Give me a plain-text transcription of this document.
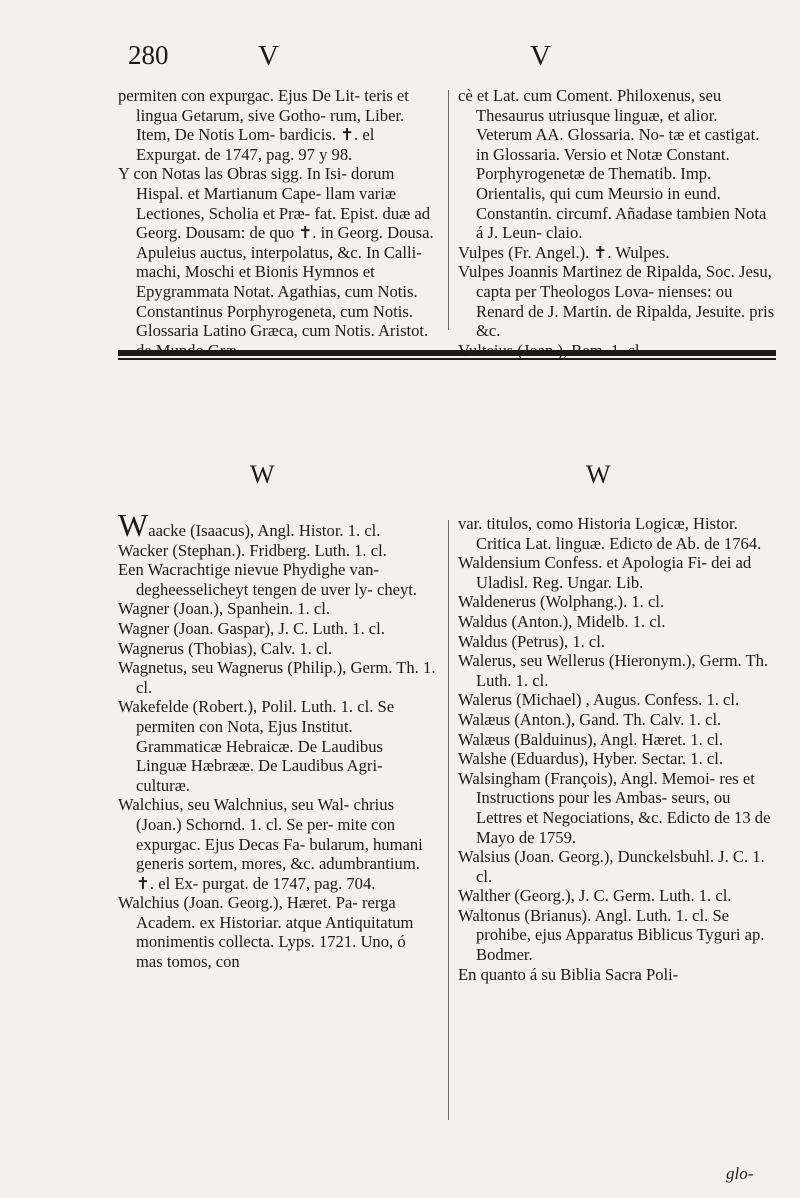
280	V	V

permiten con expurgac. Ejus De Lit- teris et lingua Getarum, sive Gotho- rum, Liber. Item, De Notis Lom- bardicis. ✝. el Expurgat. de 1747, pag. 97 y 98.

Y con Notas las Obras sigg. In Isi- dorum Hispal. et Martianum Cape- llam variæ Lectiones, Scholia et Præ- fat. Epist. duæ ad Georg. Dousam: de quo ✝. in Georg. Dousa. Apuleius auctus, interpolatus, &c. In Calli- machi, Moschi et Bionis Hymnos et Epygrammata Notat. Agathias, cum Notis. Constantinus Porphyrogeneta, cum Notis. Glossaria Latino Græca, cum Notis. Aristot.

cè et Lat. cum Coment. Philoxenus, seu Thesaurus utriusque linguæ, et alior. Veterum AA. Glossaria. No- tæ et castigat. in Glossaria. Versio et Notæ Constant. Porphyrogenetæ de Thematib. Imp. Orientalis, qui cum Meursio in eund. Constantin. circumf. Añadase tambien Nota á J. Leun- claio.

Vulpes (Fr. Angel.). ✝. Wulpes.

Vulpes Joannis Martinez de Ripalda, Soc. Jesu, capta per Theologos Lova- nienses: ou Renard de J. Martin. de Ripalda, Jesuite. pris &c.

W	W

Waacke (Isaacus), Angl. Histor. 1. cl.

Wacker (Stephan.). Fridberg. Luth. 1. cl.

Een Wacrachtige nievue Phydighe van- degheesselicheyt tengen de uver ly- cheyt.

Wagner (Joan.), Spanhein. 1. cl.

Wagner (Joan. Gaspar), J. C. Luth. 1. cl.

Wagnerus (Thobias), Calv. 1. cl.

Wagnetus, seu Wagnerus (Philip.), Germ. Th. 1. cl.

Wakefelde (Robert.), Polil. Luth. 1. cl. Se permiten con Nota, Ejus Institut. Grammaticæ Hebraicæ. De Laudibus Linguæ Hæbrææ. De Laudibus Agri- culturæ.

Walchius, seu Walchnius, seu Wal- chrius (Joan.) Schornd. 1. cl. Se per- mite con expurgac. Ejus Decas Fa- bularum, humani generis sortem, mores, &c. adumbrantium. ✝. el Ex- purgat. de 1747, pag. 704.

Walchius (Joan. Georg.), Hæret. Pa- rerga Academ. ex Historiar. atque Antiquitatum monimentis collecta. Lyps. 1721. Uno, ó mas tomos, con

var. titulos, como Historia Logicæ, Histor. Critica Lat. linguæ. Edicto de Ab. de 1764.

Waldensium Confess. et Apologia Fi- dei ad Uladisl. Reg. Ungar. Lib.

Waldenerus (Wolphang.). 1. cl.

Waldus (Anton.), Midelb. 1. cl.

Waldus (Petrus), 1. cl.

Walerus, seu Wellerus (Hieronym.), Germ. Th. Luth. 1. cl.

Walerus (Michael) , Augus. Confess. 1. cl.

Walæus (Anton.), Gand. Th. Calv. 1. cl.

Walæus (Balduinus), Angl. Hæret. 1. cl.

Walshe (Eduardus), Hyber. Sectar. 1. cl.

Walsingham (François), Angl. Memoi- res et Instructions pour les Ambas- seurs, ou Lettres et Negociations, &c. Edicto de 13 de Mayo de 1759.

Walsius (Joan. Georg.), Dunckelsbuhl. J. C. 1. cl.

Walther (Georg.), J. C. Germ. Luth. 1. cl.

Waltonus (Brianus). Angl. Luth. 1. cl. Se prohibe, ejus Apparatus Biblicus Tyguri ap. Bodmer.

En quanto á su Biblia Sacra Poli-

glo-
